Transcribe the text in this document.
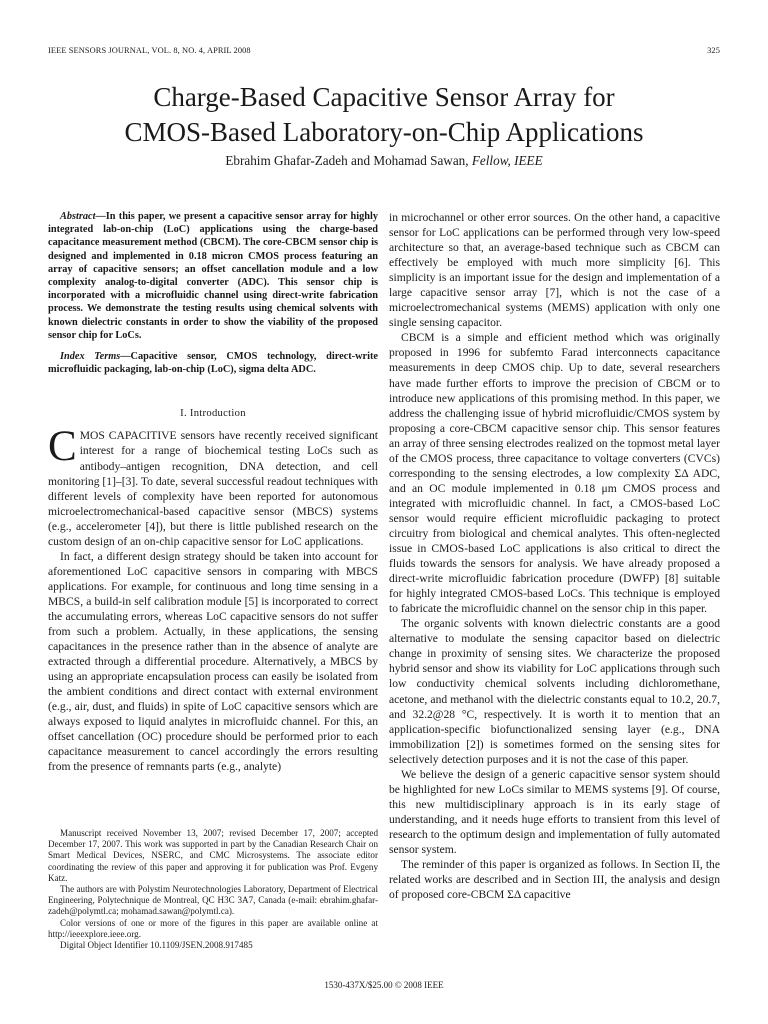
IEEE SENSORS JOURNAL, VOL. 8, NO. 4, APRIL 2008	325
Charge-Based Capacitive Sensor Array for
CMOS-Based Laboratory-on-Chip Applications
Ebrahim Ghafar-Zadeh and Mohamad Sawan, Fellow, IEEE

Abstract—In this paper, we present a capacitive sensor array for highly integrated lab-on-chip (LoC) applications using the charge-based capacitance measurement method (CBCM). The core-CBCM sensor chip is designed and implemented in 0.18 micron CMOS process featuring an array of capacitive sensors; an offset cancellation module and a low complexity analog-to-digital converter (ADC). This sensor chip is incorporated with a microfluidic channel using direct-write fabrication process. We demonstrate the testing results using chemical solvents with known dielectric constants in order to show the viability of the proposed sensor chip for LoCs.

Index Terms—Capacitive sensor, CMOS technology, direct-write microfluidic packaging, lab-on-chip (LoC), sigma delta ADC.

I. Introduction

CMOS CAPACITIVE sensors have recently received significant interest for a range of biochemical testing LoCs such as antibody–antigen recognition, DNA detection, and cell monitoring [1]–[3]. To date, several successful readout techniques with different levels of complexity have been reported for autonomous microelectromechanical-based capacitive sensor (MBCS) systems (e.g., accelerometer [4]), but there is little published research on the custom design of an on-chip capacitive sensor for LoC applications.

In fact, a different design strategy should be taken into account for aforementioned LoC capacitive sensors in comparing with MBCS applications. For example, for continuous and long time sensing in a MBCS, a build-in self calibration module [5] is incorporated to correct the accumulating errors, whereas LoC capacitive sensors do not suffer from such a problem. Actually, in these applications, the sensing capacitances in the presence rather than in the absence of analyte are extracted through a differential procedure. Alternatively, a MBCS by using an appropriate encapsulation process can easily be isolated from the ambient conditions and direct contact with external environment (e.g., air, dust, and fluids) in spite of LoC capacitive sensors which are always exposed to liquid analytes in microfluidc channel. For this, an offset cancellation (OC) procedure should be performed prior to each capacitance measurement to cancel accordingly the errors resulting from the presence of remnants parts (e.g., analyte)

in microchannel or other error sources. On the other hand, a capacitive sensor for LoC applications can be performed through very low-speed architecture so that, an average-based technique such as CBCM can effectively be employed with much more simplicity [6]. This simplicity is an important issue for the design and implementation of a large capacitive sensor array [7], which is not the case of a microelectromechanical systems (MEMS) application with only one single sensing capacitor.

CBCM is a simple and efficient method which was originally proposed in 1996 for subfemto Farad interconnects capacitance measurements in deep CMOS chip. Up to date, several researchers have made further efforts to improve the precision of CBCM or to introduce new applications of this promising method. In this paper, we address the challenging issue of hybrid microfluidic/CMOS system by proposing a core-CBCM capacitive sensor chip. This sensor features an array of three sensing electrodes realized on the topmost metal layer of the CMOS process, three capacitance to voltage converters (CVCs) corresponding to the sensing electrodes, a low complexity ΣΔ ADC, and an OC module implemented in 0.18 μm CMOS process and integrated with microfluidic channel. In fact, a CMOS-based LoC sensor would require efficient microfluidic packaging to protect circuitry from biological and chemical analytes. This often-neglected issue in CMOS-based LoC applications is also critical to direct the fluids towards the sensors for analysis. We have already proposed a direct-write microfluidic fabrication procedure (DWFP) [8] suitable for highly integrated CMOS-based LoCs. This technique is employed to fabricate the microfluidic channel on the sensor chip in this paper.

The organic solvents with known dielectric constants are a good alternative to modulate the sensing capacitor based on dielectric change in proximity of sensing sites. We characterize the proposed hybrid sensor and show its viability for LoC applications through such low conductivity chemical solvents including dichloromethane, acetone, and methanol with the dielectric constants equal to 10.2, 20.7, and 32.2@28 °C, respectively. It is worth it to mention that an application-specific biofunctionalized sensing layer (e.g., DNA immobilization [2]) is sometimes formed on the sensing sites for selectively detection purposes and it is not the case of this paper.

We believe the design of a generic capacitive sensor system should be highlighted for new LoCs similar to MEMS systems [9]. Of course, this new multidisciplinary approach is in its early stage of understanding, and it needs huge efforts to transient from this level of research to the optimum design and implementation of fully automated sensor system.

The reminder of this paper is organized as follows. In Section II, the related works are described and in Section III, the analysis and design of proposed core-CBCM ΣΔ capacitive

Manuscript received November 13, 2007; revised December 17, 2007; accepted December 17, 2007. This work was supported in part by the Canadian Research Chair on Smart Medical Devices, NSERC, and CMC Microsystems. The associate editor coordinating the review of this paper and approving it for publication was Prof. Evgeny Katz.

The authors are with Polystim Neurotechnologies Laboratory, Department of Electrical Engineering, Polytechnique de Montreal, QC H3C 3A7, Canada (e-mail: ebrahim.ghafar-zadeh@polymtl.ca; mohamad.sawan@polymtl.ca).

Color versions of one or more of the figures in this paper are available online at http://ieeexplore.ieee.org.

Digital Object Identifier 10.1109/JSEN.2008.917485

1530-437X/$25.00 © 2008 IEEE
